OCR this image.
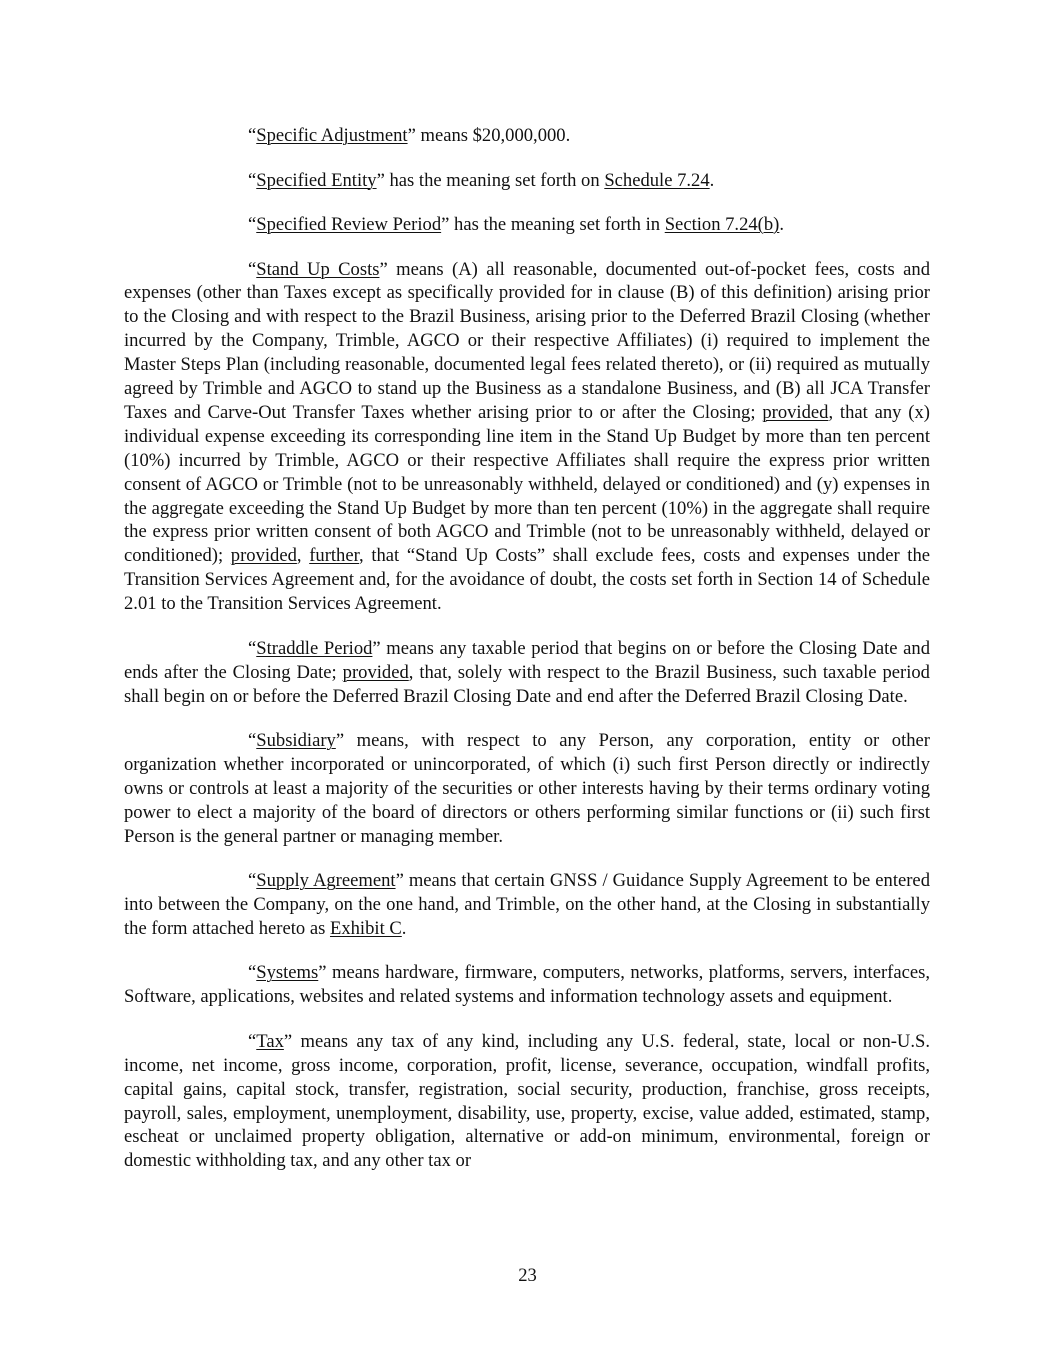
“Specific Adjustment” means $20,000,000.

“Specified Entity” has the meaning set forth on Schedule 7.24.

“Specified Review Period” has the meaning set forth in Section 7.24(b).

“Stand Up Costs” means (A) all reasonable, documented out-of-pocket fees, costs and expenses (other than Taxes except as specifically provided for in clause (B) of this definition) arising prior to the Closing and with respect to the Brazil Business, arising prior to the Deferred Brazil Closing (whether incurred by the Company, Trimble, AGCO or their respective Affiliates) (i) required to implement the Master Steps Plan (including reasonable, documented legal fees related thereto), or (ii) required as mutually agreed by Trimble and AGCO to stand up the Business as a standalone Business, and (B) all JCA Transfer Taxes and Carve-Out Transfer Taxes whether arising prior to or after the Closing; provided, that any (x) individual expense exceeding its corresponding line item in the Stand Up Budget by more than ten percent (10%) incurred by Trimble, AGCO or their respective Affiliates shall require the express prior written consent of AGCO or Trimble (not to be unreasonably withheld, delayed or conditioned) and (y) expenses in the aggregate exceeding the Stand Up Budget by more than ten percent (10%) in the aggregate shall require the express prior written consent of both AGCO and Trimble (not to be unreasonably withheld, delayed or conditioned); provided, further, that “Stand Up Costs” shall exclude fees, costs and expenses under the Transition Services Agreement and, for the avoidance of doubt, the costs set forth in Section 14 of Schedule 2.01 to the Transition Services Agreement.

“Straddle Period” means any taxable period that begins on or before the Closing Date and ends after the Closing Date; provided, that, solely with respect to the Brazil Business, such taxable period shall begin on or before the Deferred Brazil Closing Date and end after the Deferred Brazil Closing Date.

“Subsidiary” means, with respect to any Person, any corporation, entity or other organization whether incorporated or unincorporated, of which (i) such first Person directly or indirectly owns or controls at least a majority of the securities or other interests having by their terms ordinary voting power to elect a majority of the board of directors or others performing similar functions or (ii) such first Person is the general partner or managing member.

“Supply Agreement” means that certain GNSS / Guidance Supply Agreement to be entered into between the Company, on the one hand, and Trimble, on the other hand, at the Closing in substantially the form attached hereto as Exhibit C.

“Systems” means hardware, firmware, computers, networks, platforms, servers, interfaces, Software, applications, websites and related systems and information technology assets and equipment.

“Tax” means any tax of any kind, including any U.S. federal, state, local or non-U.S. income, net income, gross income, corporation, profit, license, severance, occupation, windfall profits, capital gains, capital stock, transfer, registration, social security, production, franchise, gross receipts, payroll, sales, employment, unemployment, disability, use, property, excise, value added, estimated, stamp, escheat or unclaimed property obligation, alternative or add-on minimum, environmental, foreign or domestic withholding tax, and any other tax or

23
